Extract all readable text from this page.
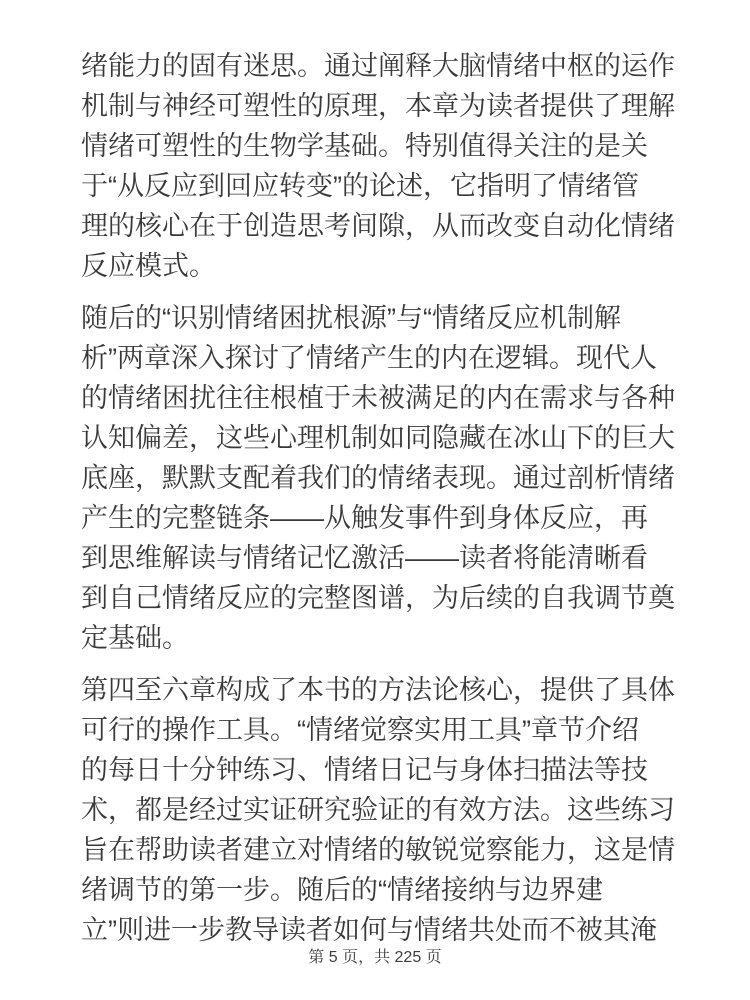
绪能力的固有迷思。通过阐释大脑情绪中枢的运作
机制与神经可塑性的原理，本章为读者提供了理解
情绪可塑性的生物学基础。特别值得关注的是关
于“从反应到回应转变”的论述，它指明了情绪管
理的核心在于创造思考间隙，从而改变自动化情绪
反应模式。
随后的“识别情绪困扰根源”与“情绪反应机制解
析”两章深入探讨了情绪产生的内在逻辑。现代人
的情绪困扰往往根植于未被满足的内在需求与各种
认知偏差，这些心理机制如同隐藏在冰山下的巨大
底座，默默支配着我们的情绪表现。通过剖析情绪
产生的完整链条——从触发事件到身体反应，再
到思维解读与情绪记忆激活——读者将能清晰看
到自己情绪反应的完整图谱，为后续的自我调节奠
定基础。
第四至六章构成了本书的方法论核心，提供了具体
可行的操作工具。“情绪觉察实用工具”章节介绍
的每日十分钟练习、情绪日记与身体扫描法等技
术，都是经过实证研究验证的有效方法。这些练习
旨在帮助读者建立对情绪的敏锐觉察能力，这是情
绪调节的第一步。随后的“情绪接纳与边界建
立”则进一步教导读者如何与情绪共处而不被其淹
第 5 页，共 225 页
